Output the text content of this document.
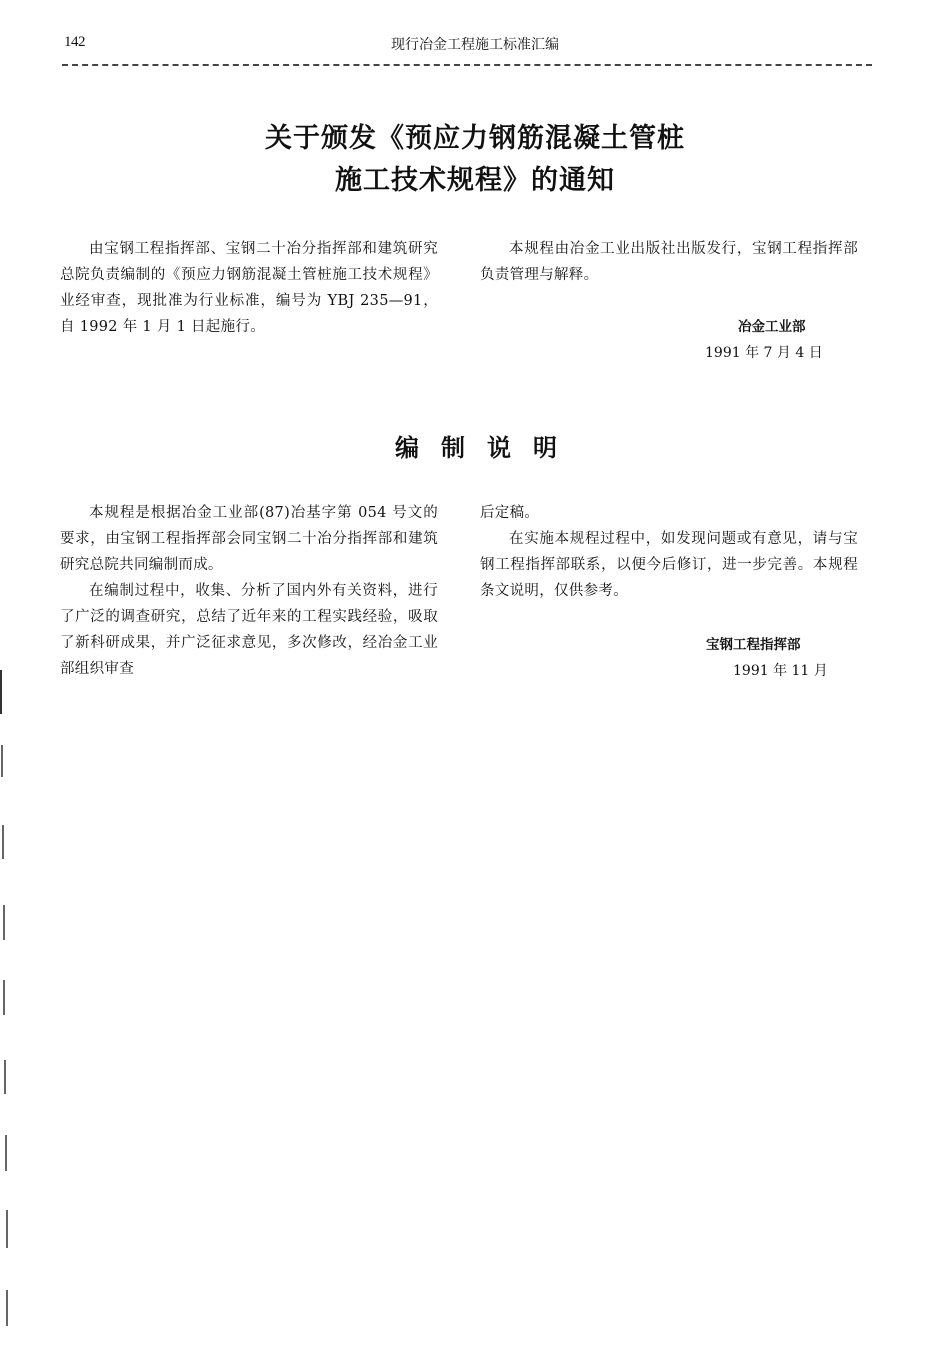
142	现行冶金工程施工标准汇编
关于颁发《预应力钢筋混凝土管桩
施工技术规程》的通知

由宝钢工程指挥部、宝钢二十冶分指挥部和建筑研究总院负责编制的《预应力钢筋混凝土管桩施工技术规程》业经审查，现批准为行业标准，编号为 YBJ 235—91，自 1992 年 1 月 1 日起施行。

本规程由冶金工业出版社出版发行，宝钢工程指挥部负责管理与解释。

冶金工业部
1991 年 7 月 4 日
编制说明

本规程是根据冶金工业部(87)冶基字第 054 号文的要求，由宝钢工程指挥部会同宝钢二十冶分指挥部和建筑研究总院共同编制而成。

在编制过程中，收集、分析了国内外有关资料，进行了广泛的调查研究，总结了近年来的工程实践经验，吸取了新科研成果，并广泛征求意见，多次修改，经冶金工业部组织审查

后定稿。

在实施本规程过程中，如发现问题或有意见，请与宝钢工程指挥部联系，以便今后修订，进一步完善。本规程条文说明，仅供参考。

宝钢工程指挥部
1991 年 11 月
